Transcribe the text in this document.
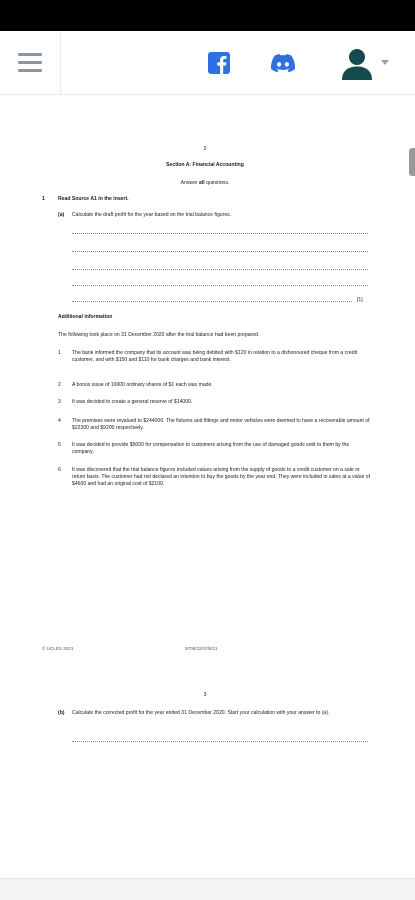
2
Section A: Financial Accounting
Answer all questions.
1	Read Source A1 in the insert.
(a) Calculate the draft profit for the year based on the trial balance figures.
[1]
Additional information
The following took place on 31 December 2020 after the trial balance had been prepared.
1 The bank informed the company that its account was being debited with $120 in relation to a dishonoured cheque from a credit customer, and with $150 and $110 for bank charges and bank interest.
2 A bonus issue of 10000 ordinary shares of $1 each was made.
3 It was decided to create a general reserve of $14000.
4 The premises were revalued to $244000. The fixtures and fittings and motor vehicles were deemed to have a recoverable amount of $22300 and $9200 respectively.
5 It was decided to provide $5000 for compensation to customers arising from the use of damaged goods sold to them by the company.
6 It was discovered that the trial balance figures included values arising from the supply of goods to a credit customer on a sale or return basis. The customer had not declared an intention to buy the goods by the year end. They were included in sales at a value of $4600 and had an original cost of $2100.
© UCLES 2021	9706/32/O/N/21
3
(b) Calculate the corrected profit for the year ended 31 December 2020. Start your calculation with your answer to (a).
